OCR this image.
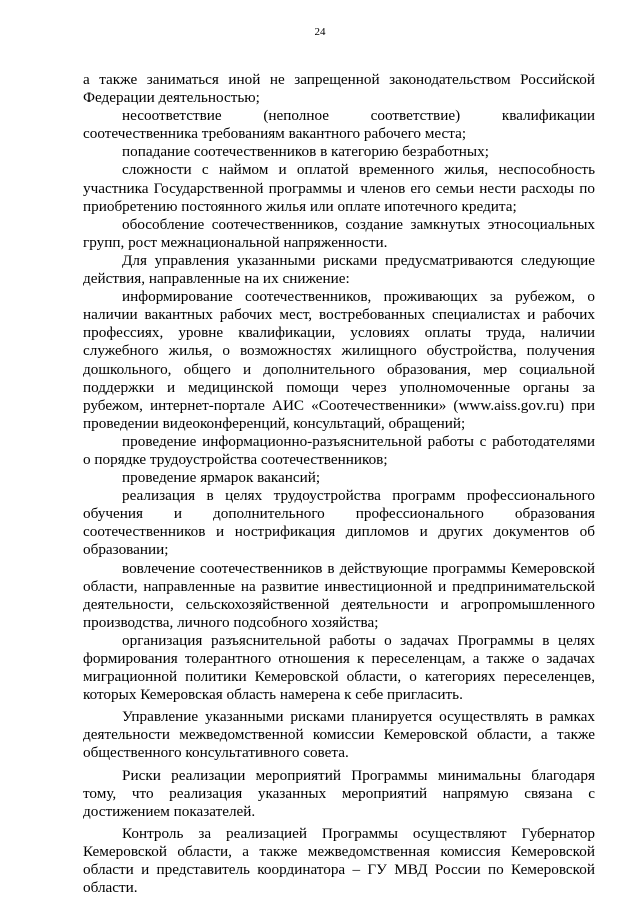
24

а также заниматься иной не запрещенной законодательством Российской Федерации деятельностью;

несоответствие (неполное соответствие) квалификации соотечественника требованиям вакантного рабочего места;

попадание соотечественников в категорию безработных;

сложности с наймом и оплатой временного жилья, неспособность участника Государственной программы и членов его семьи нести расходы по приобретению постоянного жилья или оплате ипотечного кредита;

обособление соотечественников, создание замкнутых этносоциальных групп, рост межнациональной напряженности.

Для управления указанными рисками предусматриваются следующие действия, направленные на их снижение:

информирование соотечественников, проживающих за рубежом, о наличии вакантных рабочих мест, востребованных специалистах и рабочих профессиях, уровне квалификации, условиях оплаты труда, наличии служебного жилья, о возможностях жилищного обустройства, получения дошкольного, общего и дополнительного образования, мер социальной поддержки и медицинской помощи через уполномоченные органы за рубежом, интернет-портале АИС «Соотечественники» (www.aiss.gov.ru) при проведении видеоконференций, консультаций, обращений;

проведение информационно-разъяснительной работы с работодателями о порядке трудоустройства соотечественников;

проведение ярмарок вакансий;

реализация в целях трудоустройства программ профессионального обучения и дополнительного профессионального образования соотечественников и нострификация дипломов и других документов об образовании;

вовлечение соотечественников в действующие программы Кемеровской области, направленные на развитие инвестиционной и предпринимательской деятельности, сельскохозяйственной деятельности и агропромышленного производства, личного подсобного хозяйства;

организация разъяснительной работы о задачах Программы в целях формирования толерантного отношения к переселенцам, а также о задачах миграционной политики Кемеровской области, о категориях переселенцев, которых Кемеровская область намерена к себе пригласить.

Управление указанными рисками планируется осуществлять в рамках деятельности межведомственной комиссии Кемеровской области, а также общественного консультативного совета.

Риски реализации мероприятий Программы минимальны благодаря тому, что реализация указанных мероприятий напрямую связана с достижением показателей.

Контроль за реализацией Программы осуществляют Губернатор Кемеровской области, а также межведомственная комиссия Кемеровской области и представитель координатора – ГУ МВД России по Кемеровской области.
